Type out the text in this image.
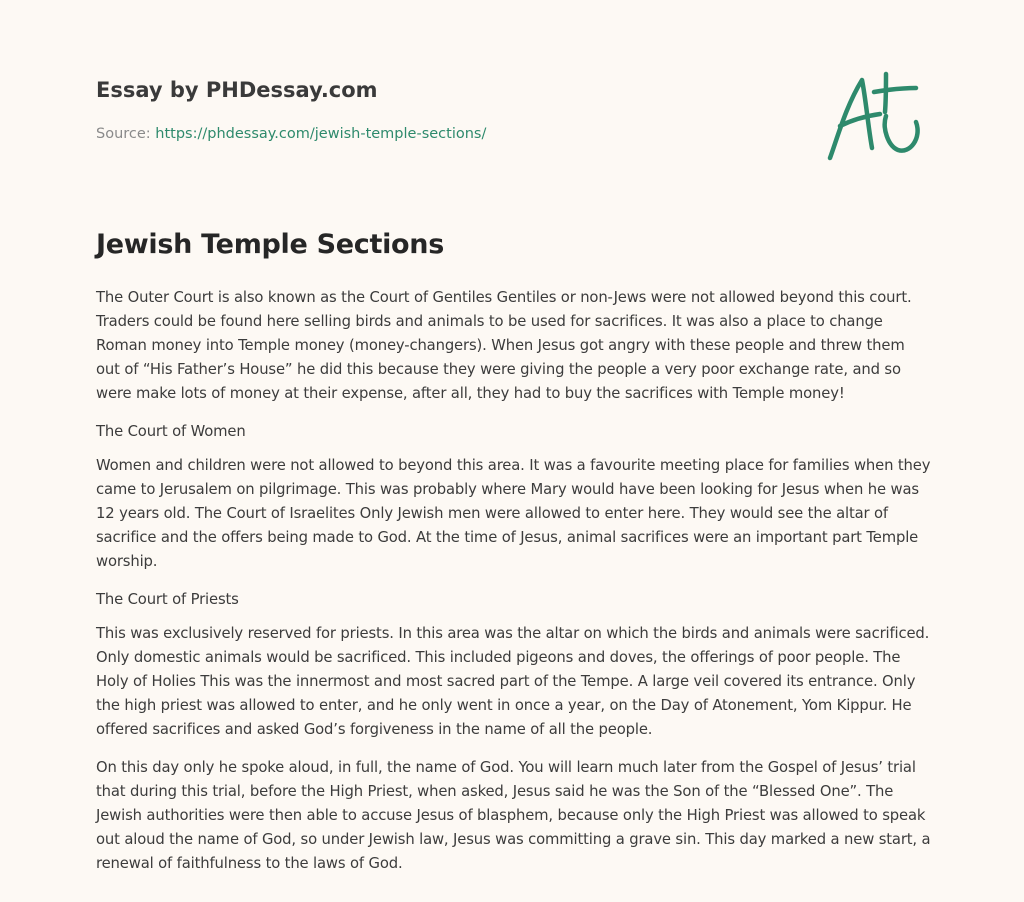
Essay by PHDessay.com
Source: https://phdessay.com/jewish-temple-sections/
Jewish Temple Sections

The Outer Court is also known as the Court of Gentiles Gentiles or non-Jews were not allowed beyond this court. Traders could be found here selling birds and animals to be used for sacrifices. It was also a place to change Roman money into Temple money (money-changers). When Jesus got angry with these people and threw them out of “His Father’s House” he did this because they were giving the people a very poor exchange rate, and so were make lots of money at their expense, after all, they had to buy the sacrifices with Temple money!

The Court of Women

Women and children were not allowed to beyond this area. It was a favourite meeting place for families when they came to Jerusalem on pilgrimage. This was probably where Mary would have been looking for Jesus when he was 12 years old. The Court of Israelites Only Jewish men were allowed to enter here. They would see the altar of sacrifice and the offers being made to God. At the time of Jesus, animal sacrifices were an important part Temple worship.

The Court of Priests

This was exclusively reserved for priests. In this area was the altar on which the birds and animals were sacrificed. Only domestic animals would be sacrificed. This included pigeons and doves, the offerings of poor people. The Holy of Holies This was the innermost and most sacred part of the Tempe. A large veil covered its entrance. Only the high priest was allowed to enter, and he only went in once a year, on the Day of Atonement, Yom Kippur. He offered sacrifices and asked God’s forgiveness in the name of all the people.

On this day only he spoke aloud, in full, the name of God. You will learn much later from the Gospel of Jesus’ trial that during this trial, before the High Priest, when asked, Jesus said he was the Son of the “Blessed One”. The Jewish authorities were then able to accuse Jesus of blasphem, because only the High Priest was allowed to speak out aloud the name of God, so under Jewish law, Jesus was committing a grave sin. This day marked a new start, a renewal of faithfulness to the laws of God.
